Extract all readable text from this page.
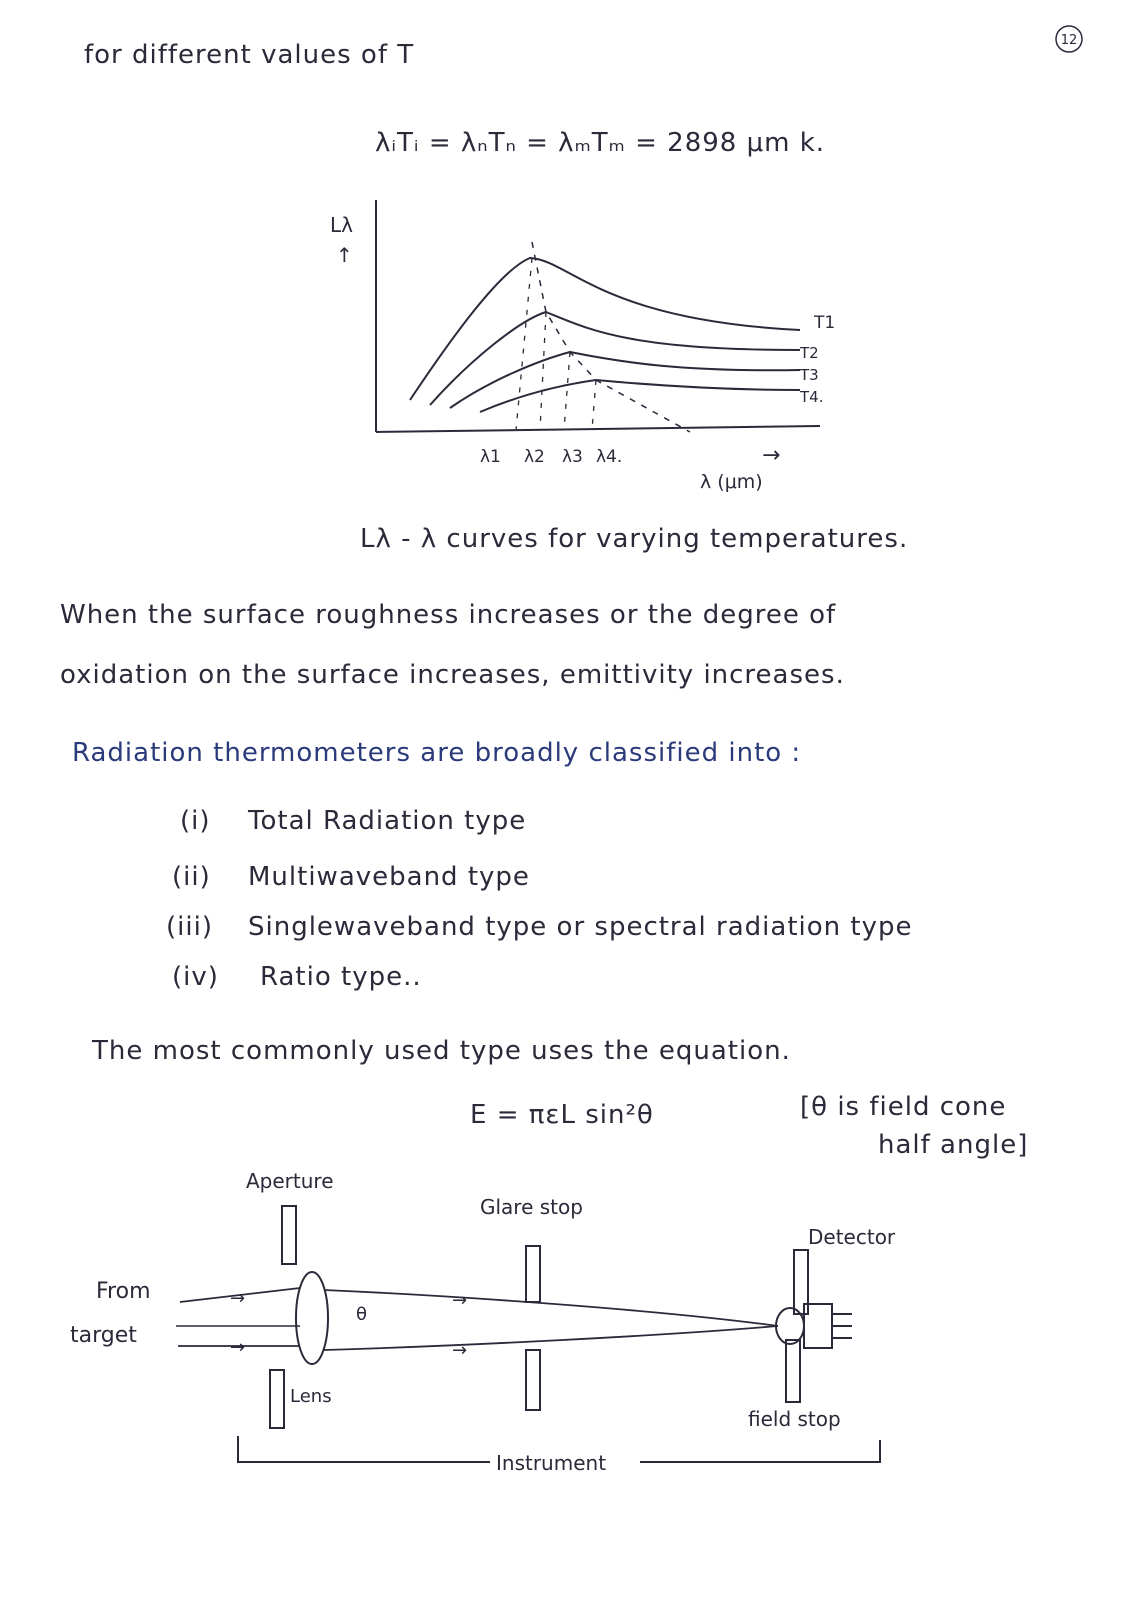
12
for different values of T
λᵢTᵢ = λₙTₙ = λₘTₘ = 2898 μm k.
Lλ
↑
T1
T2
T3
T4.
λ1 λ2 λ3 λ4.	→
λ (μm)
Lλ - λ curves for varying temperatures.
When the surface roughness increases or the degree of
oxidation on the surface increases, emittivity increases.
Radiation thermometers are broadly classified into :
(i) Total Radiation type
(ii) Multiwaveband type
(iii) Singlewaveband type or spectral radiation type
(iv) Ratio type..
The most commonly used type uses the equation.
E = πεL sin²θ	[θ is field cone
half angle]
Aperture
Glare stop
Detector
From
target
Lens
θ
→
→
→
→
field stop
Instrument
